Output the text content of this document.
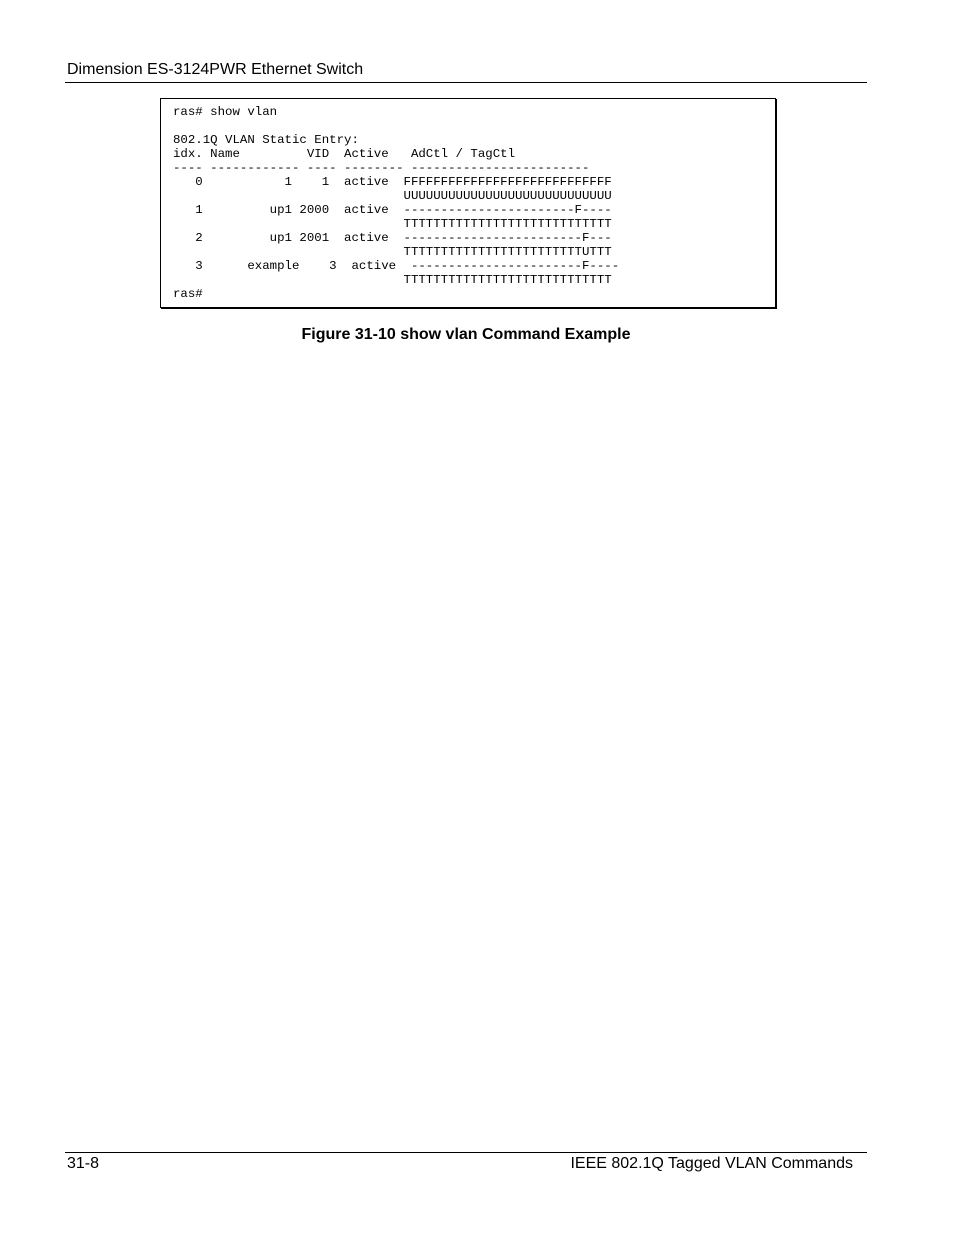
Dimension ES-3124PWR Ethernet Switch
ras# show vlan
802.1Q VLAN Static Entry:
idx. Name         VID  Active   AdCtl / TagCtl
---- ------------ ---- -------- ------------------------
0           1    1  active  FFFFFFFFFFFFFFFFFFFFFFFFFFFF
UUUUUUUUUUUUUUUUUUUUUUUUUUUU
1         up1 2000  active  -----------------------F----
TTTTTTTTTTTTTTTTTTTTTTTTTTTT
2         up1 2001  active  ------------------------F---
TTTTTTTTTTTTTTTTTTTTTTTTUTTT
3      example    3  active  -----------------------F----
TTTTTTTTTTTTTTTTTTTTTTTTTTTT
ras#
Figure 31-10 show vlan Command Example
31-8	IEEE 802.1Q Tagged VLAN Commands
